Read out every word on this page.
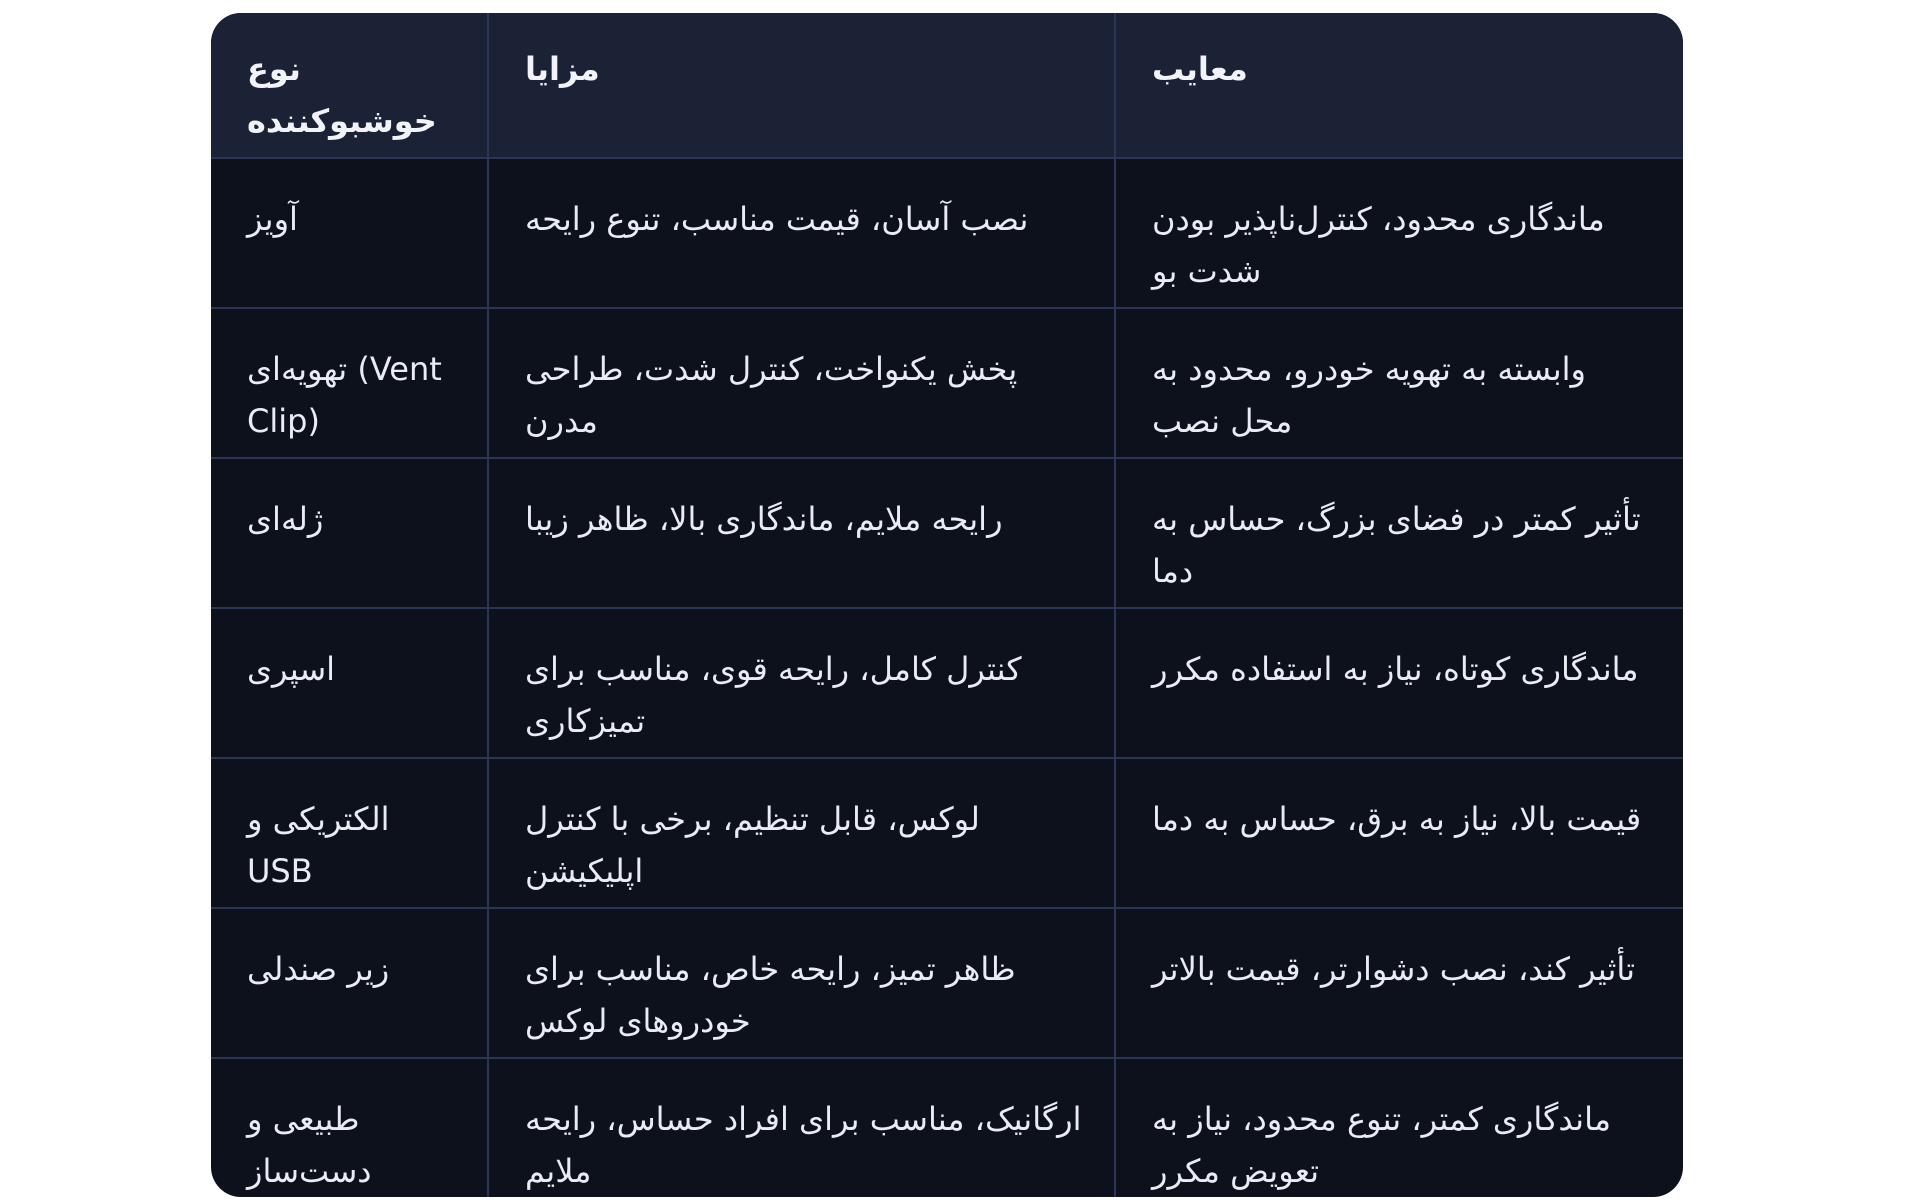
نوع خوشبوکننده	مزایا	معایب

آویز	نصب آسان، قیمت مناسب، تنوع رایحه	ماندگاری محدود، کنترل‌ناپذیر بودن شدت بو

تهویه‌ای (Vent Clip)	پخش یکنواخت، کنترل شدت، طراحی مدرن	وابسته به تهویه خودرو، محدود به محل نصب

ژله‌ای	رایحه ملایم، ماندگاری بالا، ظاهر زیبا	تأثیر کمتر در فضای بزرگ، حساس به دما

اسپری	کنترل کامل، رایحه قوی، مناسب برای تمیزکاری	ماندگاری کوتاه، نیاز به استفاده مکرر

الکتریکی و USB	لوکس، قابل تنظیم، برخی با کنترل اپلیکیشن	قیمت بالا، نیاز به برق، حساس به دما

زیر صندلی	ظاهر تمیز، رایحه خاص، مناسب برای خودروهای لوکس	تأثیر کند، نصب دشوارتر، قیمت بالاتر

طبیعی و دست‌ساز	ارگانیک، مناسب برای افراد حساس، رایحه ملایم	ماندگاری کمتر، تنوع محدود، نیاز به تعویض مکرر
